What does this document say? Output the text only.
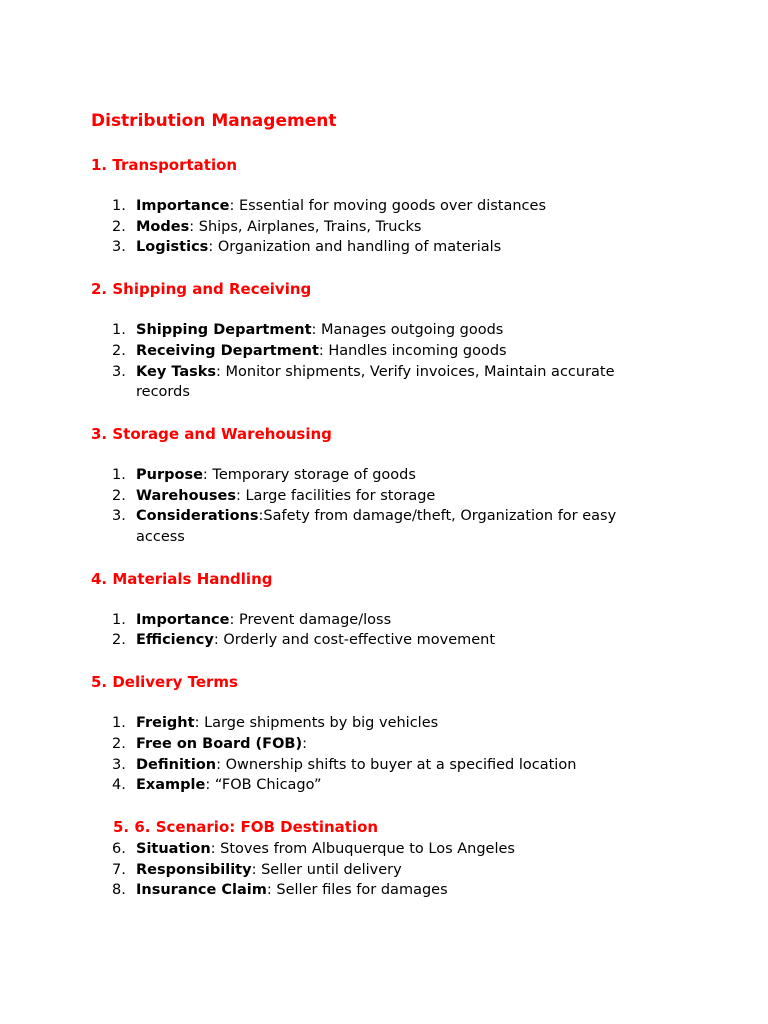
Distribution Management
1. Transportation
1. Importance: Essential for moving goods over distances
2. Modes: Ships, Airplanes, Trains, Trucks
3. Logistics: Organization and handling of materials
2. Shipping and Receiving
1. Shipping Department: Manages outgoing goods
2. Receiving Department: Handles incoming goods
3. Key Tasks: Monitor shipments, Verify invoices, Maintain accurate records
3. Storage and Warehousing
1. Purpose: Temporary storage of goods
2. Warehouses: Large facilities for storage
3. Considerations:Safety from damage/theft, Organization for easy access
4. Materials Handling
1. Importance: Prevent damage/loss
2. Efficiency: Orderly and cost-effective movement
5. Delivery Terms
1. Freight: Large shipments by big vehicles
2. Free on Board (FOB):
3. Definition: Ownership shifts to buyer at a specified location
4. Example: “FOB Chicago”
5. 6. Scenario: FOB Destination
6. Situation: Stoves from Albuquerque to Los Angeles
7. Responsibility: Seller until delivery
8. Insurance Claim: Seller files for damages
